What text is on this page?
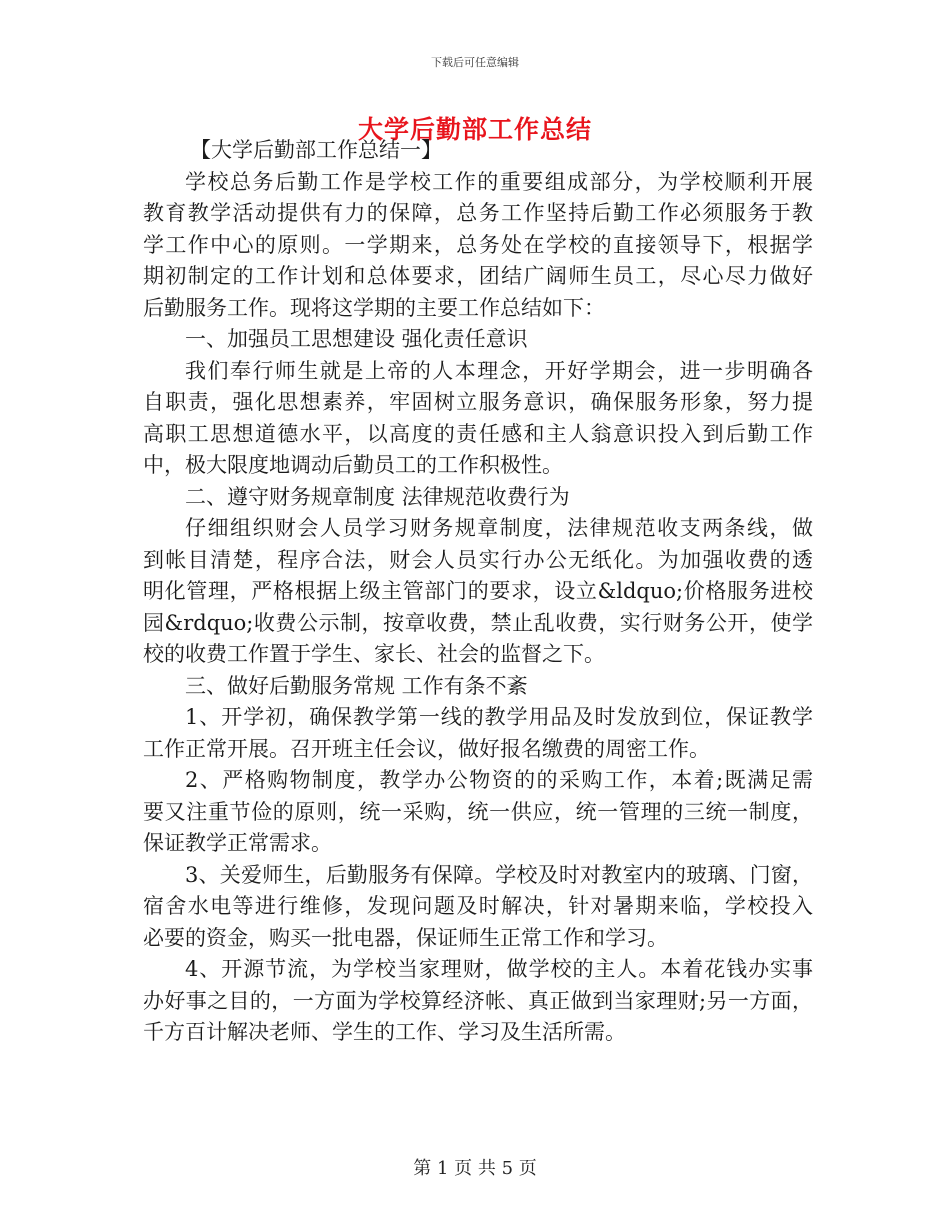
下载后可任意编辑
大学后勤部工作总结
【大学后勤部工作总结一】
学校总务后勤工作是学校工作的重要组成部分，为学校顺利开展
教育教学活动提供有力的保障，总务工作坚持后勤工作必须服务于教
学工作中心的原则。一学期来，总务处在学校的直接领导下，根据学
期初制定的工作计划和总体要求，团结广阔师生员工，尽心尽力做好
后勤服务工作。现将这学期的主要工作总结如下：
一、加强员工思想建设 强化责任意识
我们奉行师生就是上帝的人本理念，开好学期会，进一步明确各
自职责，强化思想素养，牢固树立服务意识，确保服务形象，努力提
高职工思想道德水平，以高度的责任感和主人翁意识投入到后勤工作
中，极大限度地调动后勤员工的工作积极性。
二、遵守财务规章制度 法律规范收费行为
仔细组织财会人员学习财务规章制度，法律规范收支两条线，做
到帐目清楚，程序合法，财会人员实行办公无纸化。为加强收费的透
明化管理，严格根据上级主管部门的要求，设立&ldquo;价格服务进校
园&rdquo;收费公示制，按章收费，禁止乱收费，实行财务公开，使学
校的收费工作置于学生、家长、社会的监督之下。
三、做好后勤服务常规 工作有条不紊
1、开学初，确保教学第一线的教学用品及时发放到位，保证教学
工作正常开展。召开班主任会议，做好报名缴费的周密工作。
2、严格购物制度，教学办公物资的的采购工作，本着;既满足需
要又注重节俭的原则，统一采购，统一供应，统一管理的三统一制度，
保证教学正常需求。
3、关爱师生，后勤服务有保障。学校及时对教室内的玻璃、门窗，
宿舍水电等进行维修，发现问题及时解决，针对暑期来临，学校投入
必要的资金，购买一批电器，保证师生正常工作和学习。
4、开源节流，为学校当家理财，做学校的主人。本着花钱办实事
办好事之目的，一方面为学校算经济帐、真正做到当家理财;另一方面，
千方百计解决老师、学生的工作、学习及生活所需。
第 1 页 共 5 页
